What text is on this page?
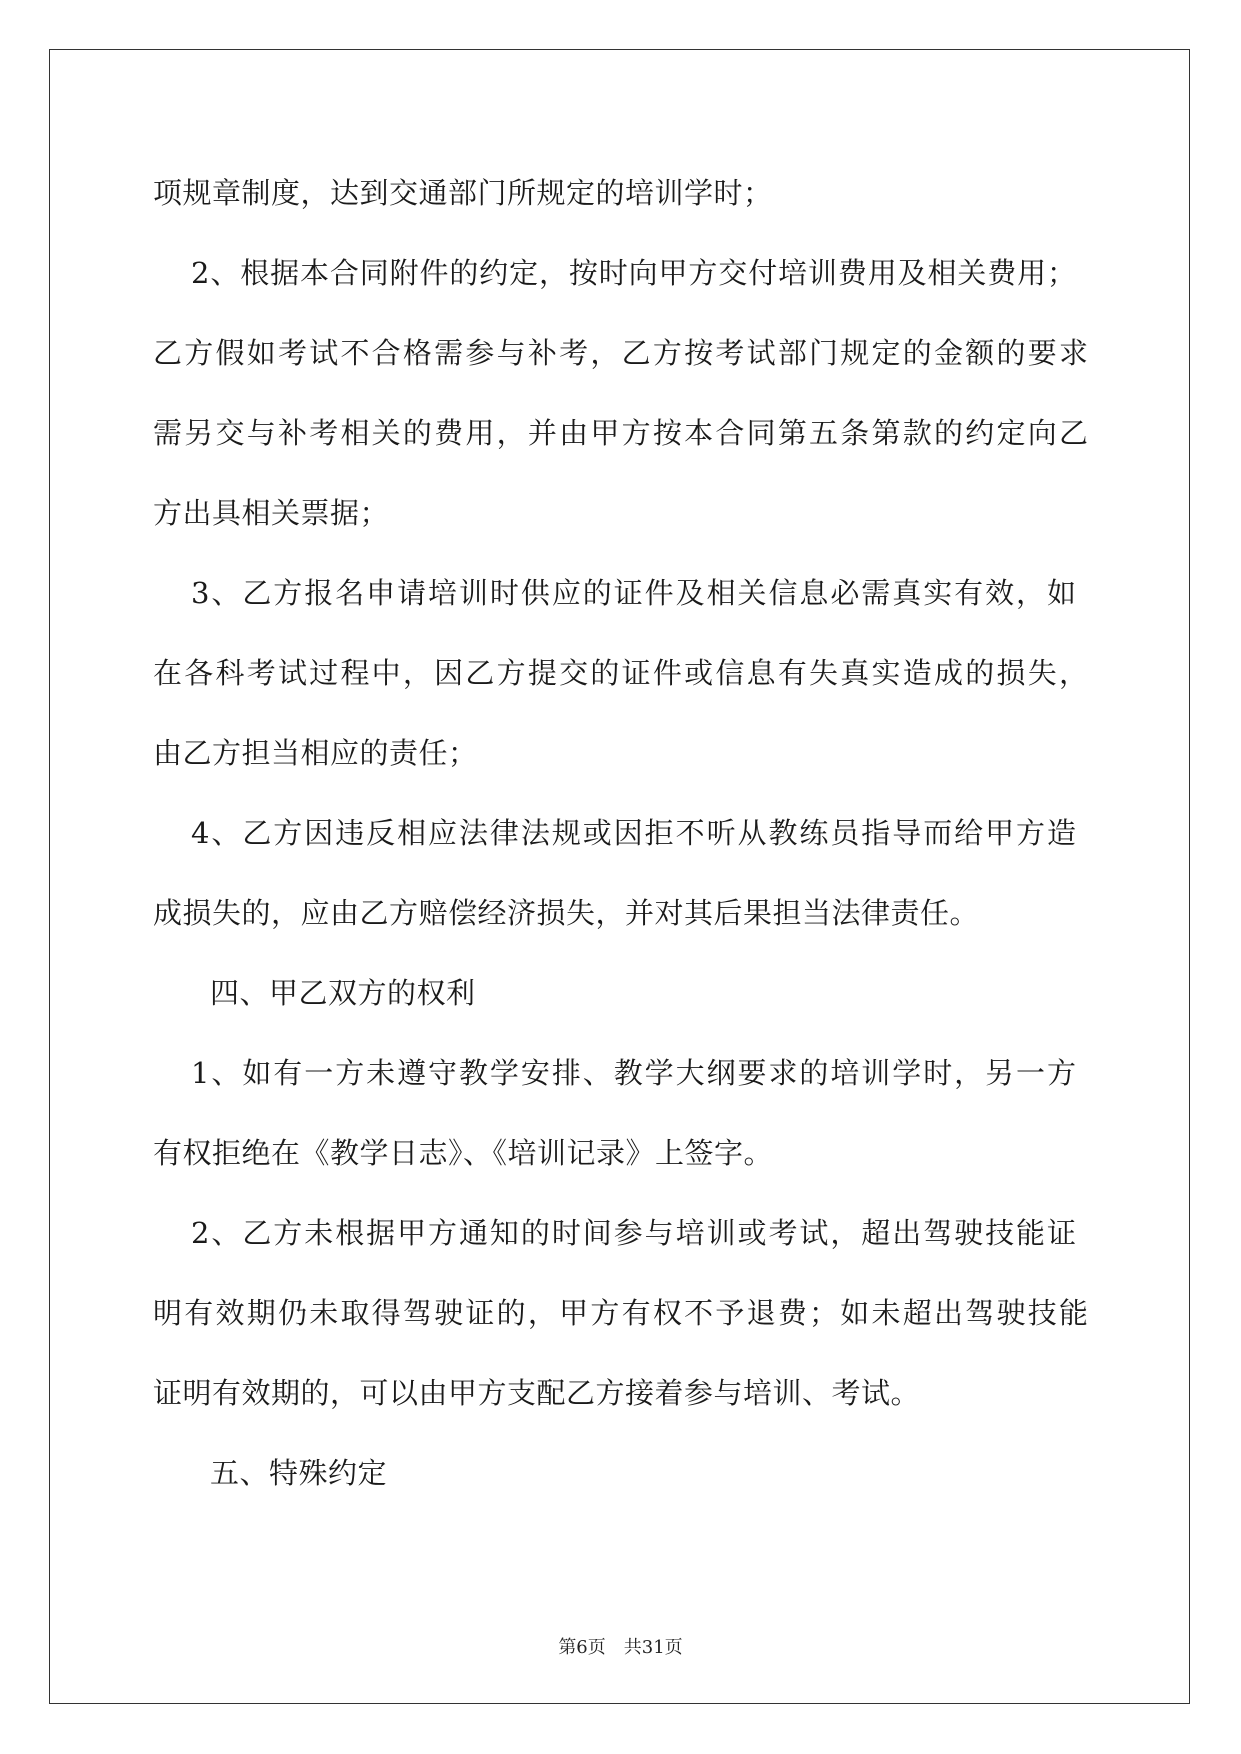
项规章制度，达到交通部门所规定的培训学时；
2、根据本合同附件的约定，按时向甲方交付培训费用及相关费用；
乙方假如考试不合格需参与补考，乙方按考试部门规定的金额的要求
需另交与补考相关的费用，并由甲方按本合同第五条第款的约定向乙
方出具相关票据；
3、乙方报名申请培训时供应的证件及相关信息必需真实有效，如
在各科考试过程中，因乙方提交的证件或信息有失真实造成的损失，
由乙方担当相应的责任；
4、乙方因违反相应法律法规或因拒不听从教练员指导而给甲方造
成损失的，应由乙方赔偿经济损失，并对其后果担当法律责任。
四、甲乙双方的权利
1、如有一方未遵守教学安排、教学大纲要求的培训学时，另一方
有权拒绝在《教学日志》、《培训记录》上签字。
2、乙方未根据甲方通知的时间参与培训或考试，超出驾驶技能证
明有效期仍未取得驾驶证的，甲方有权不予退费；如未超出驾驶技能
证明有效期的，可以由甲方支配乙方接着参与培训、考试。
五、特殊约定
第6页　共31页
